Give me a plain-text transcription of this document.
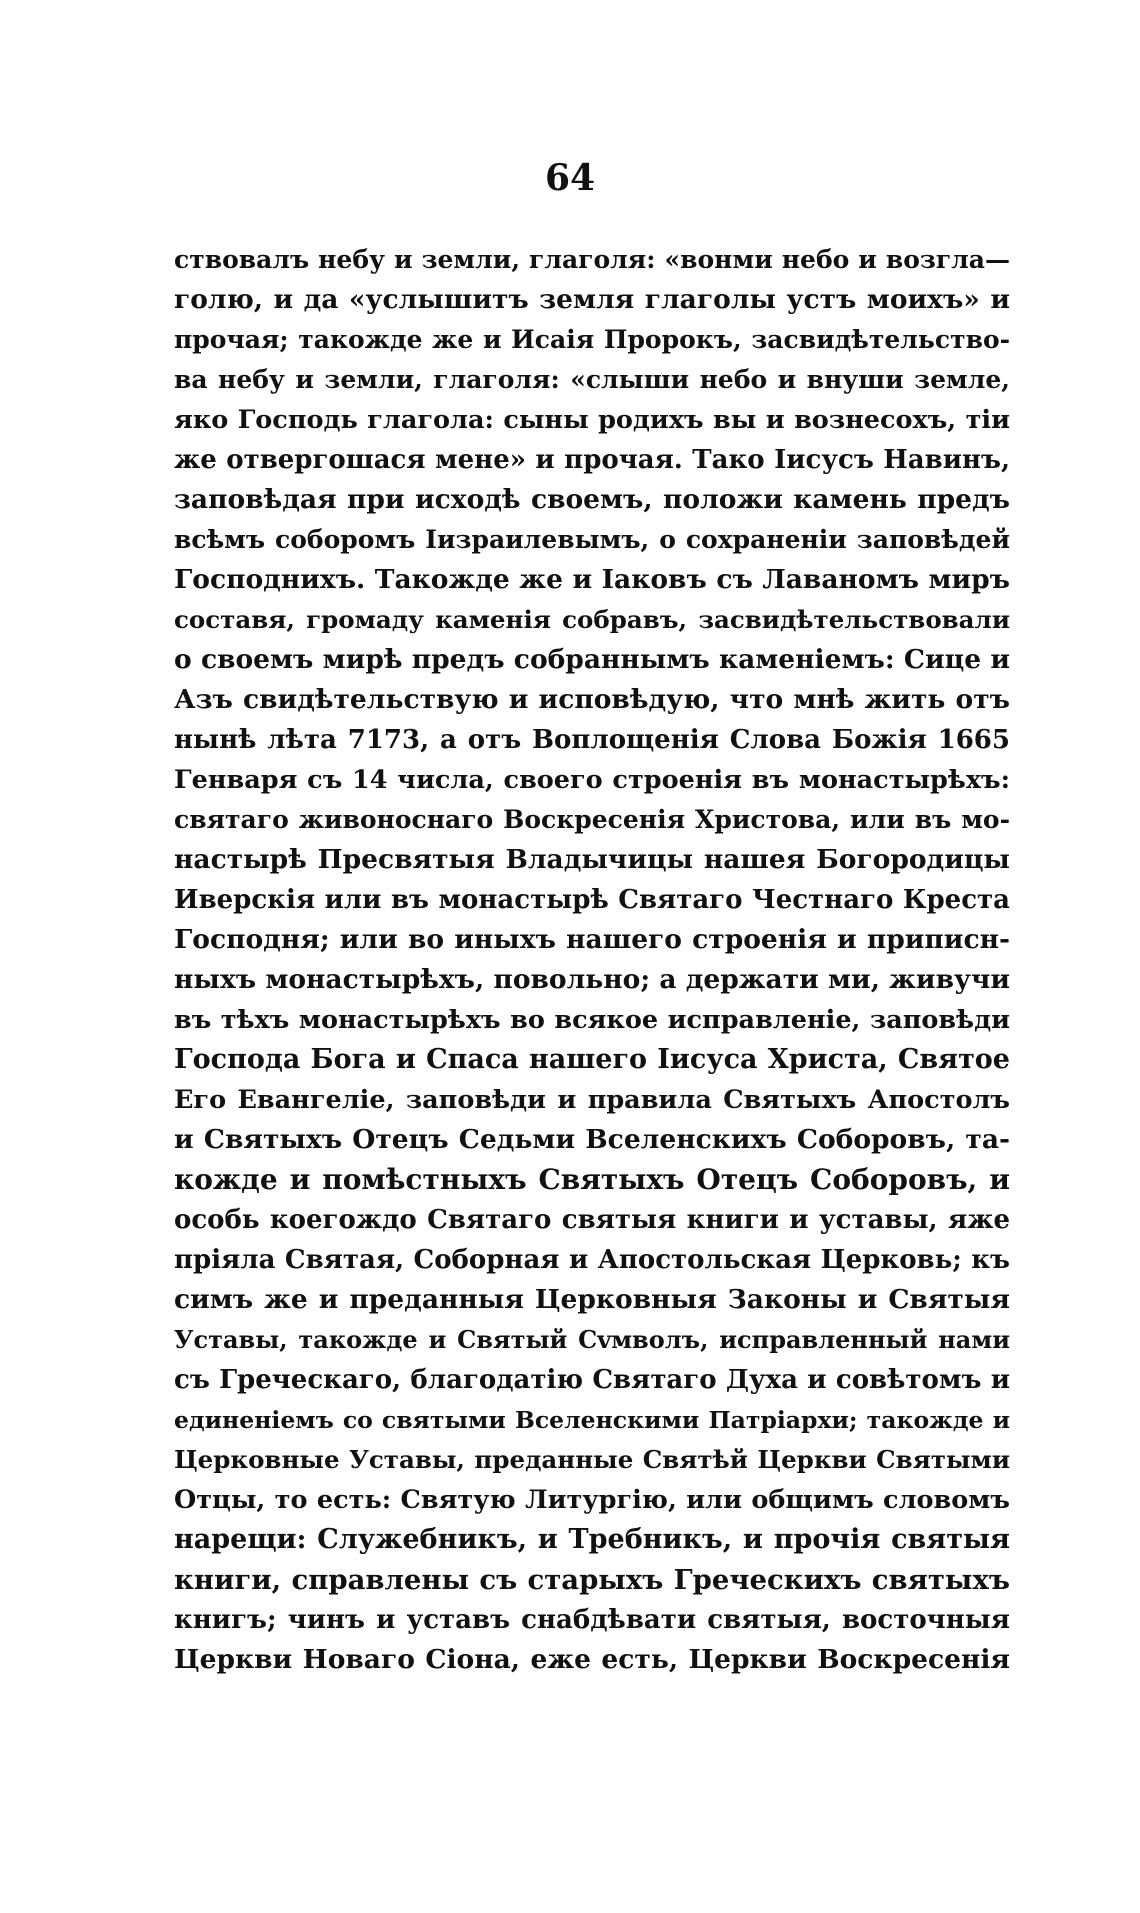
64
ствовалъ небу и земли, глаголя: «вонми небо и возгла—
голю, и да «услышитъ земля глаголы устъ моихъ» и
прочая; такожде же и Исаія Пророкъ, засвидѣтельство-
ва небу и земли, глаголя: «слыши небо и внуши земле,
яко Господь глагола: сыны родихъ вы и вознесохъ, тіи
же отвергошася мене» и прочая. Тако Іисусъ Навинъ,
заповѣдая при исходѣ своемъ, положи камень предъ
всѣмъ соборомъ Іизраилевымъ, о сохраненіи заповѣдей
Господнихъ. Такожде же и Іаковъ съ Лаваномъ миръ
составя, громаду каменія собравъ, засвидѣтельствовали
о своемъ мирѣ предъ собраннымъ каменіемъ: Сице и
Азъ свидѣтельствую и исповѣдую, что мнѣ жить отъ
нынѣ лѣта 7173, а отъ Воплощенія Слова Божія 1665
Генваря съ 14 числа, своего строенія въ монастырѣхъ:
святаго живоноснаго Воскресенія Христова, или въ мо-
настырѣ Пресвятыя Владычицы нашея Богородицы
Иверскія или въ монастырѣ Святаго Честнаго Креста
Господня; или во иныхъ нашего строенія и приписн-
ныхъ монастырѣхъ, повольно; а держати ми, живучи
въ тѣхъ монастырѣхъ во всякое исправленіе, заповѣди
Господа Бога и Спаса нашего Іисуса Христа, Святое
Его Евангеліе, заповѣди и правила Святыхъ Апостолъ
и Святыхъ Отецъ Седьми Вселенскихъ Соборовъ, та-
кожде и помѣстныхъ Святыхъ Отецъ Соборовъ, и
особь коегождо Святаго святыя книги и уставы, яже
пріяла Святая, Соборная и Апостольская Церковь; къ
симъ же и преданныя Церковныя Законы и Святыя
Уставы, такожде и Святый Сvмволъ, исправленный нами
съ Греческаго, благодатію Святаго Духа и совѣтомъ и
единеніемъ со святыми Вселенскими Патріархи; такожде и
Церковные Уставы, преданные Святѣй Церкви Святыми
Отцы, то есть: Святую Литургію, или общимъ словомъ
нарещи: Служебникъ, и Требникъ, и прочія святыя
книги, справлены съ старыхъ Греческихъ святыхъ
книгъ; чинъ и уставъ снабдѣвати святыя, восточныя
Церкви Новаго Сіона, еже есть, Церкви Воскресенія
